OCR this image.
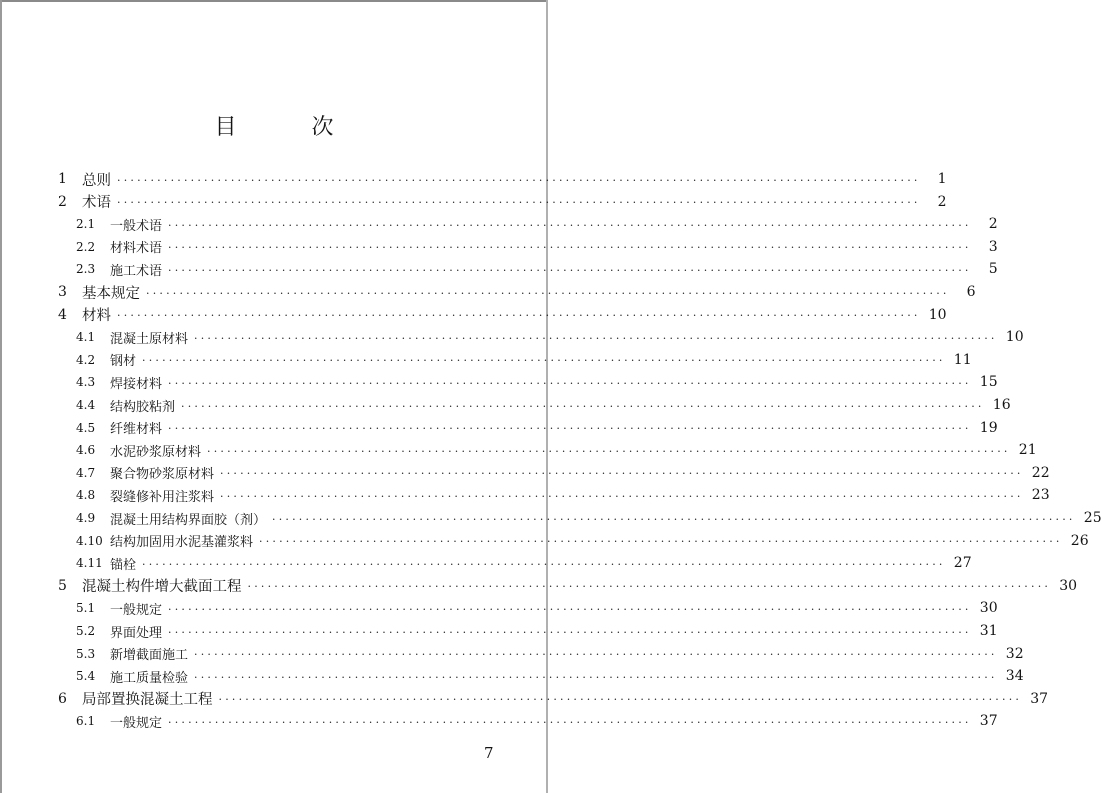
目 次
1	总则 ························································································································	1
2	术语 ························································································································	2
2.1	一般术语 ························································································································	2
2.2	材料术语 ························································································································	3
2.3	施工术语 ························································································································	5
3	基本规定 ························································································································	6
4	材料 ························································································································ 10
4.1	混凝土原材料 ························································································································ 10
4.2	钢材 ························································································································ 11
4.3	焊接材料 ························································································································ 15
4.4	结构胶粘剂 ························································································································ 16
4.5	纤维材料 ························································································································ 19
4.6	水泥砂浆原材料 ························································································································ 21
4.7	聚合物砂浆原材料 ························································································································ 22
4.8	裂缝修补用注浆料 ························································································································ 23
4.9	混凝土用结构界面胶（剂） ························································································································ 25
4.10 结构加固用水泥基灌浆料 ························································································································ 26
4.11 锚栓 ························································································································ 27
5	混凝土构件增大截面工程 ························································································································ 30
5.1	一般规定 ························································································································ 30
5.2	界面处理 ························································································································ 31
5.3	新增截面施工 ························································································································ 32
5.4	施工质量检验 ························································································································ 34
6	局部置换混凝土工程 ························································································································ 37
6.1	一般规定 ························································································································ 37
7
